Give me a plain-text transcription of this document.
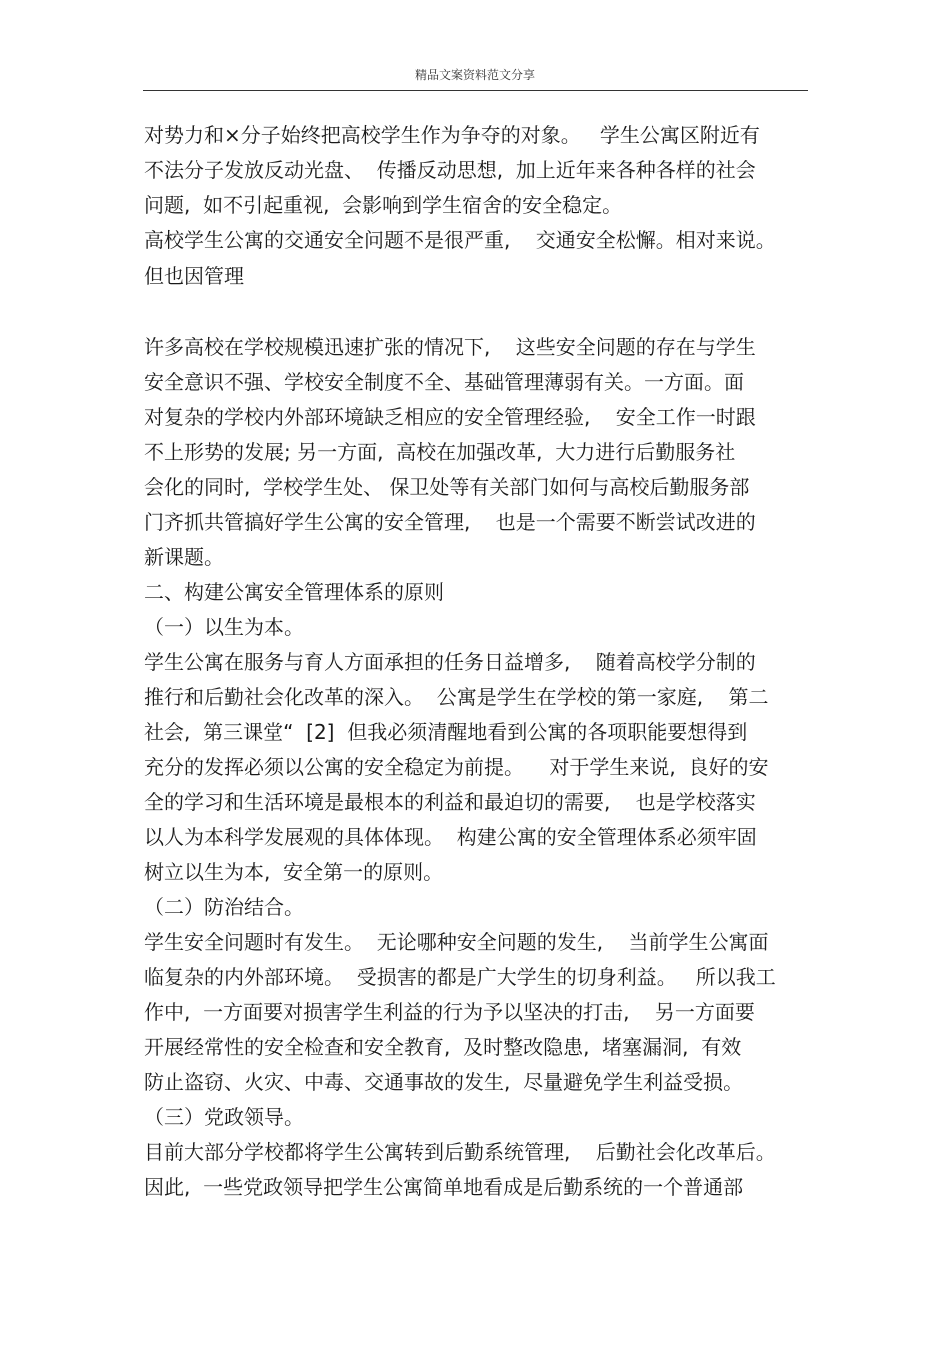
精品文案资料范文分享
对势力和×分子始终把高校学生作为争夺的对象。   学生公寓区附近有
不法分子发放反动光盘、  传播反动思想,  加上近年来各种各样的社会
问题,  如不引起重视,  会影响到学生宿舍的安全稳定。
高校学生公寓的交通安全问题不是很严重,    交通安全松懈。相对来说。
但也因管理
许多高校在学校规模迅速扩张的情况下,    这些安全问题的存在与学生
安全意识不强、学校安全制度不全、基础管理薄弱有关。一方面。面
对复杂的学校内外部环境缺乏相应的安全管理经验,    安全工作一时跟
不上形势的发展; 另一方面,  高校在加强改革,  大力进行后勤服务社
会化的同时,  学校学生处、 保卫处等有关部门如何与高校后勤服务部
门齐抓共管搞好学生公寓的安全管理,    也是一个需要不断尝试改进的
新课题。
二、构建公寓安全管理体系的原则
（一）以生为本。
学生公寓在服务与育人方面承担的任务日益增多,    随着高校学分制的
推行和后勤社会化改革的深入。  公寓是学生在学校的第一家庭,    第二
社会,  第三课堂“  [2]  但我必须清醒地看到公寓的各项职能要想得到
充分的发挥必须以公寓的安全稳定为前提。    对于学生来说,  良好的安
全的学习和生活环境是最根本的利益和最迫切的需要,    也是学校落实
以人为本科学发展观的具体体现。  构建公寓的安全管理体系必须牢固
树立以生为本,  安全第一的原则。
（二）防治结合。
学生安全问题时有发生。  无论哪种安全问题的发生,    当前学生公寓面
临复杂的内外部环境。  受损害的都是广大学生的切身利益。   所以我工
作中,  一方面要对损害学生利益的行为予以坚决的打击,    另一方面要
开展经常性的安全检查和安全教育,  及时整改隐患,  堵塞漏洞,  有效
防止盗窃、火灾、中毒、交通事故的发生,  尽量避免学生利益受损。
（三）党政领导。
目前大部分学校都将学生公寓转到后勤系统管理,    后勤社会化改革后。
因此,  一些党政领导把学生公寓简单地看成是后勤系统的一个普通部
